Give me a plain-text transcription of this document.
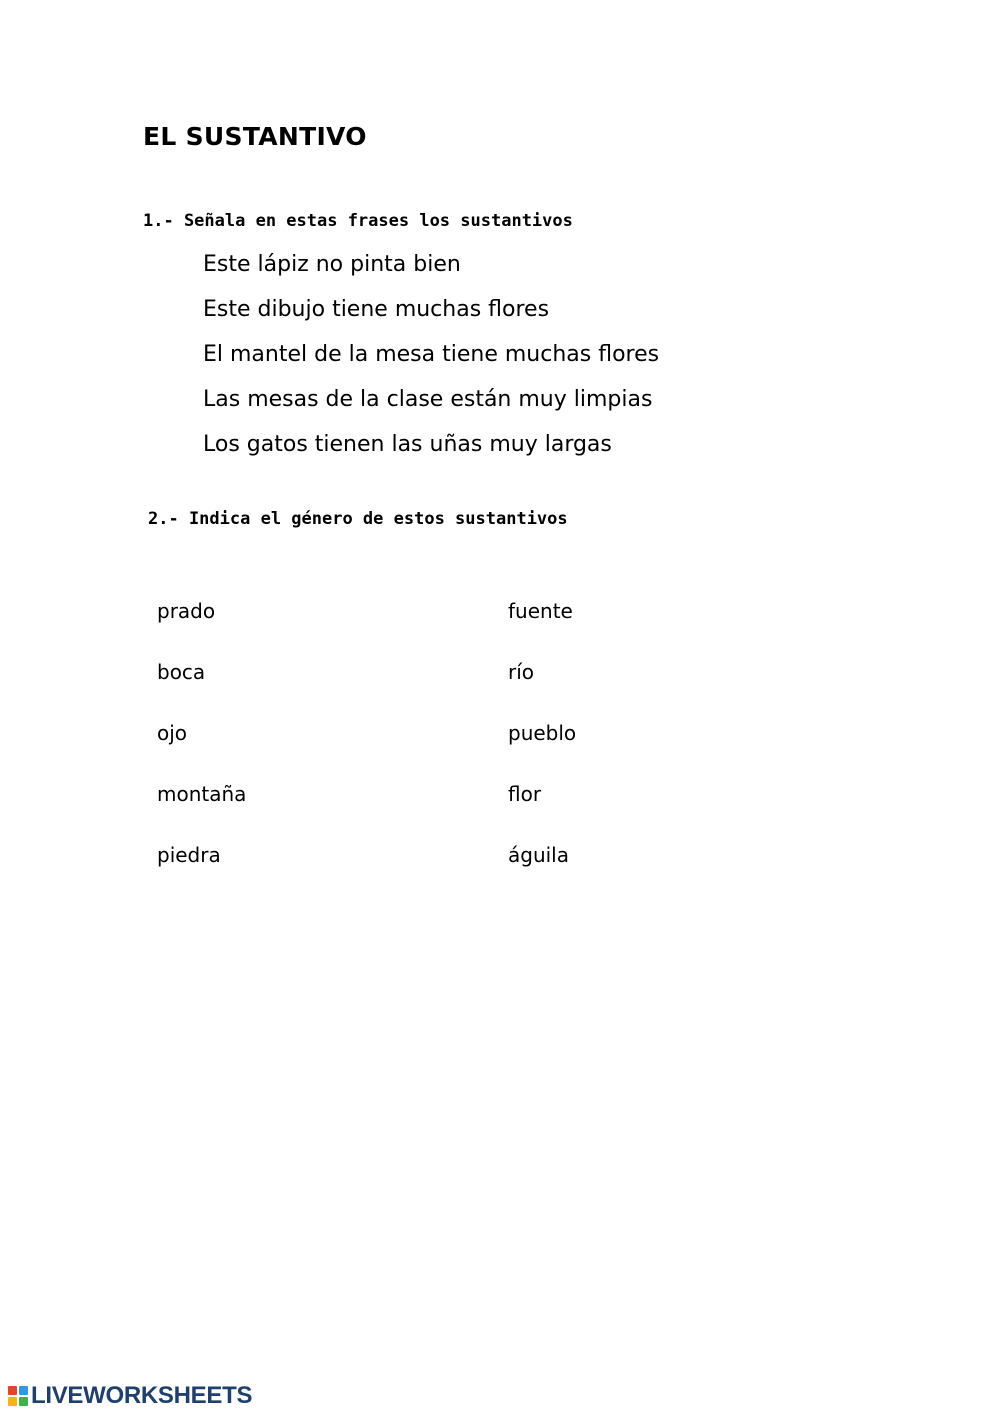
EL SUSTANTIVO
1.- Señala en estas frases los sustantivos
Este lápiz no pinta bien
Este dibujo tiene muchas flores
El mantel de la mesa tiene muchas flores
Las mesas de la clase están muy limpias
Los gatos tienen las uñas muy largas
2.- Indica el género de estos sustantivos
prado
boca
ojo
montaña
piedra
fuente
río
pueblo
flor
águila
LIVEWORKSHEETS
